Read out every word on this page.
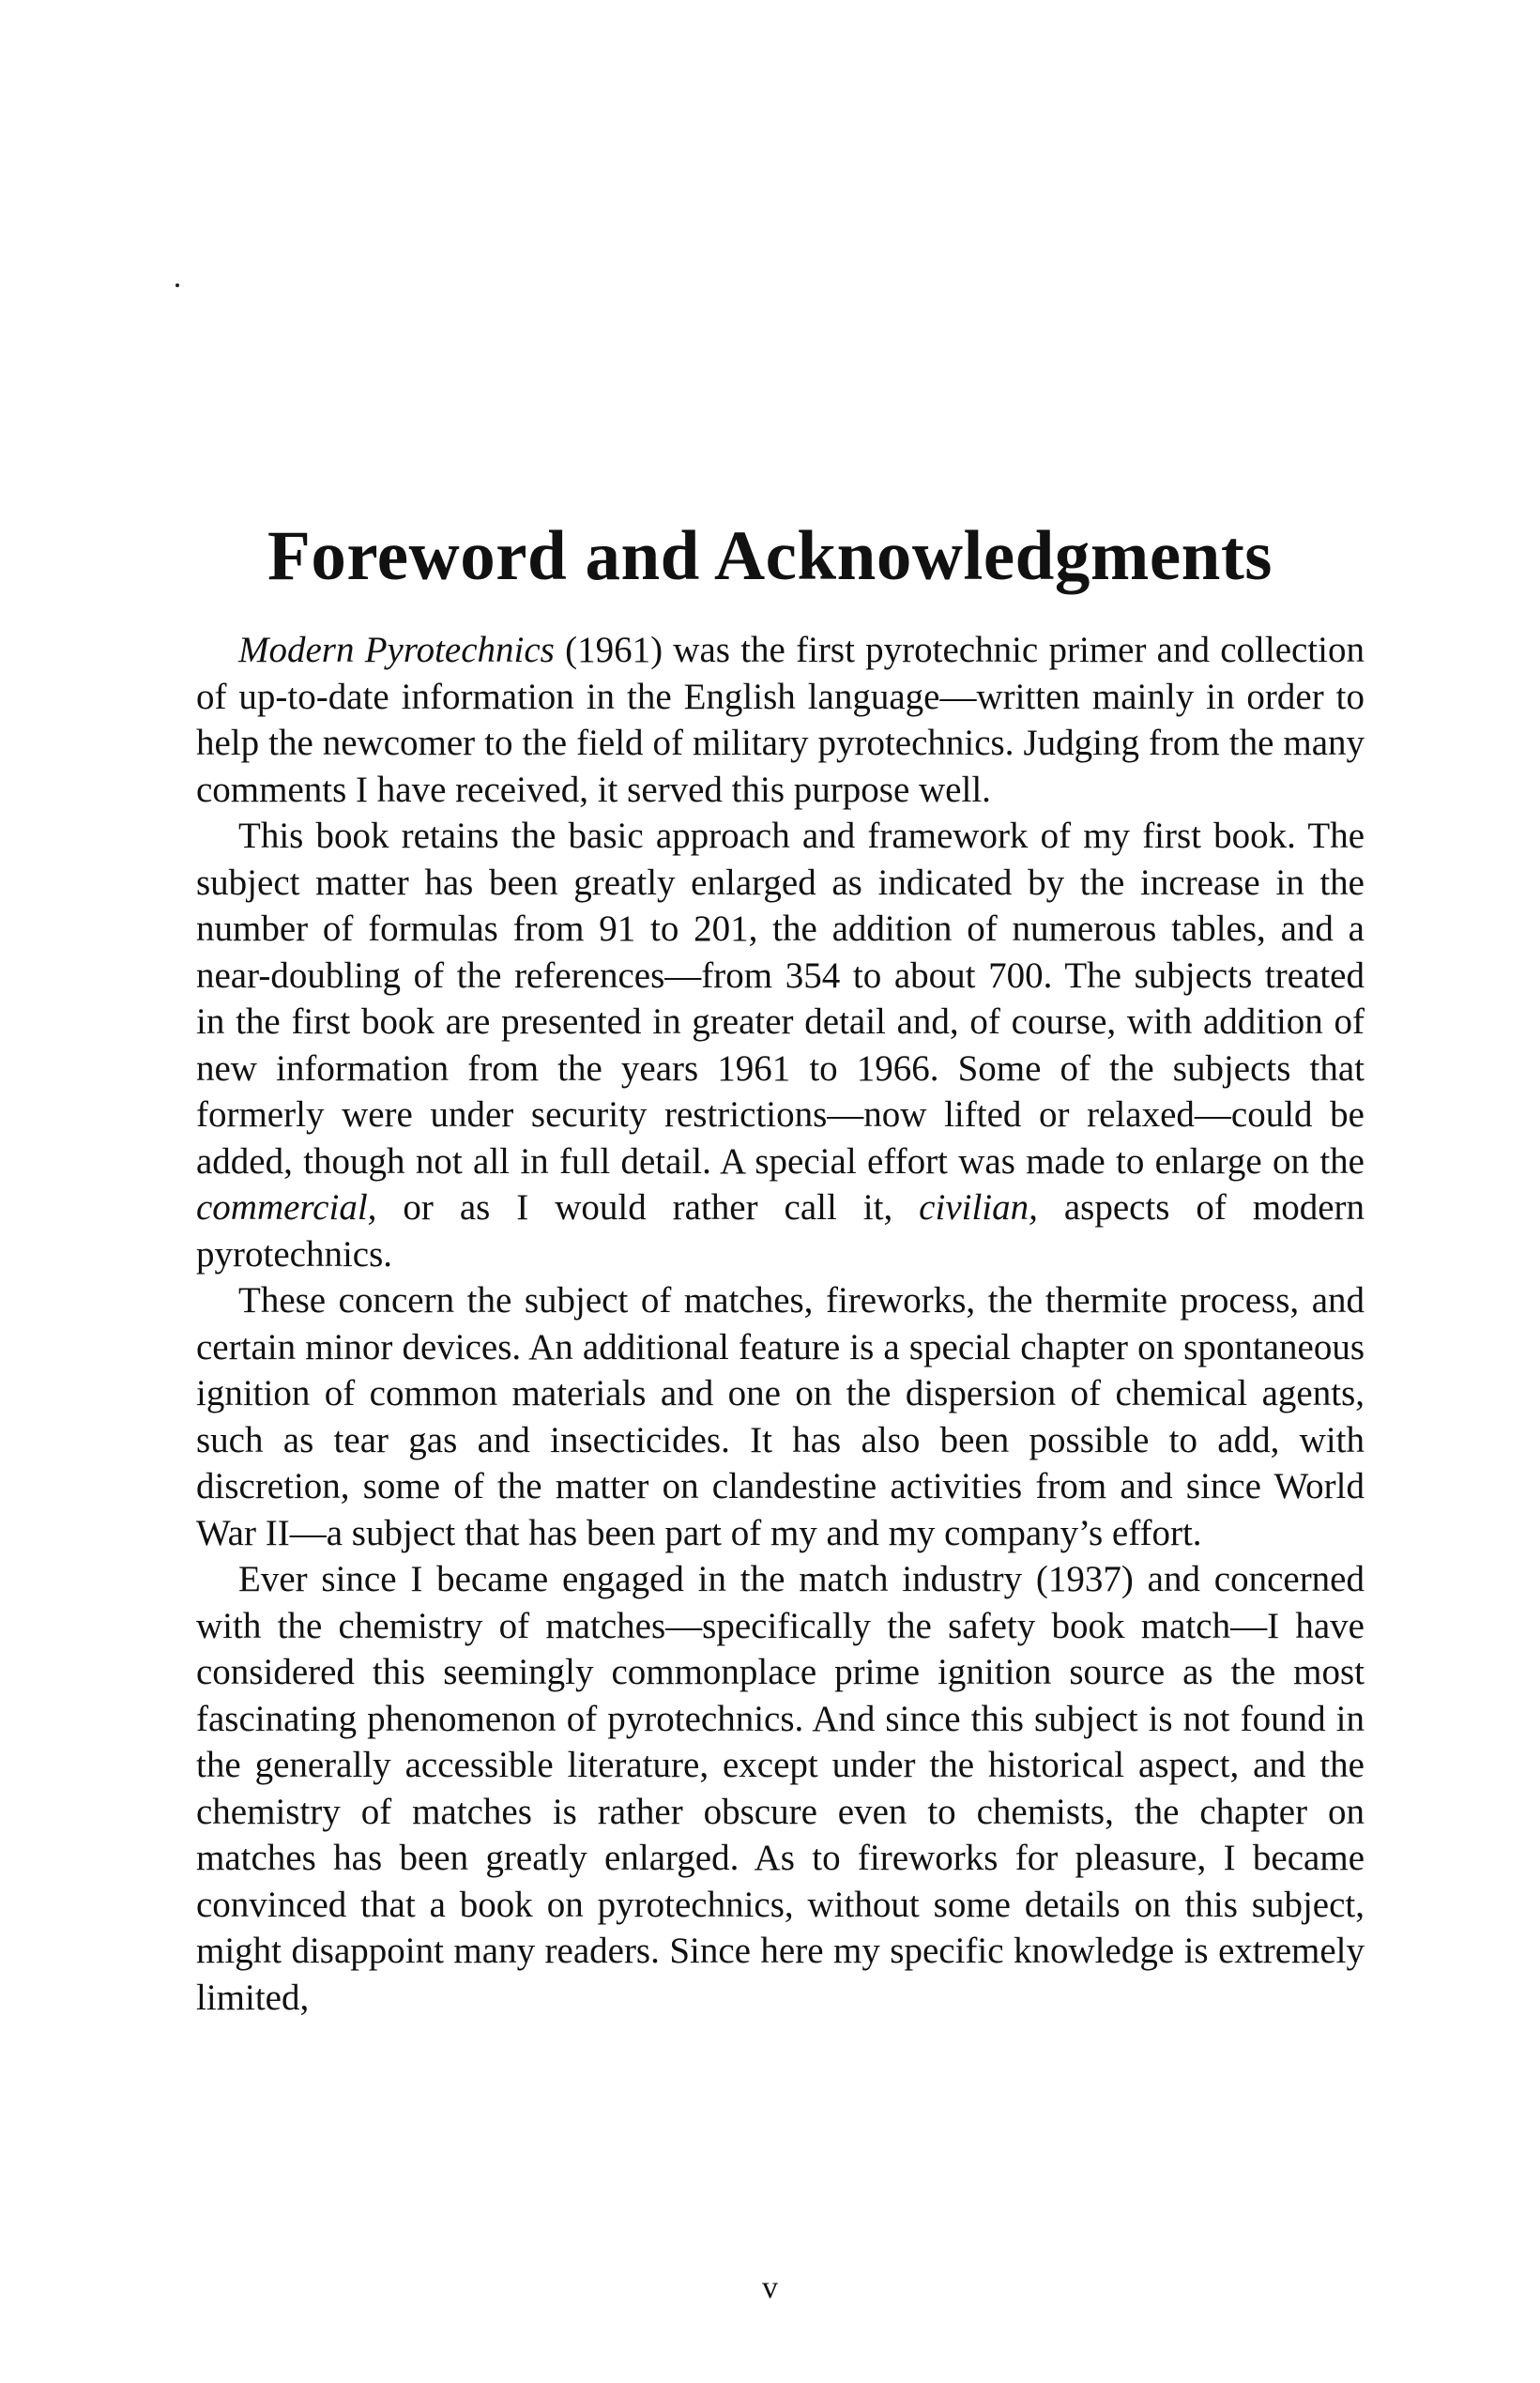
Foreword and Acknowledgments

Modern Pyrotechnics (1961) was the first pyrotechnic primer and collection of up-to-date information in the English language—written mainly in order to help the newcomer to the field of military pyrotechnics. Judging from the many comments I have received, it served this purpose well.

This book retains the basic approach and framework of my first book. The subject matter has been greatly enlarged as indicated by the increase in the number of formulas from 91 to 201, the addition of numerous tables, and a near-doubling of the references—from 354 to about 700. The subjects treated in the first book are presented in greater detail and, of course, with addition of new information from the years 1961 to 1966. Some of the subjects that formerly were under security restrictions—now lifted or relaxed—could be added, though not all in full detail. A special effort was made to enlarge on the commercial, or as I would rather call it, civilian, aspects of modern pyrotechnics.

These concern the subject of matches, fireworks, the thermite process, and certain minor devices. An additional feature is a special chapter on spontaneous ignition of common materials and one on the dispersion of chemical agents, such as tear gas and insecticides. It has also been possible to add, with discretion, some of the matter on clandestine activities from and since World War II—a subject that has been part of my and my company’s effort.

Ever since I became engaged in the match industry (1937) and concerned with the chemistry of matches—specifically the safety book match—I have considered this seemingly commonplace prime ignition source as the most fascinating phenomenon of pyrotechnics. And since this subject is not found in the generally accessible literature, except under the historical aspect, and the chemistry of matches is rather obscure even to chemists, the chapter on matches has been greatly enlarged. As to fireworks for pleasure, I became convinced that a book on pyrotechnics, without some details on this subject, might disappoint many readers. Since here my specific knowledge is extremely limited,

v
